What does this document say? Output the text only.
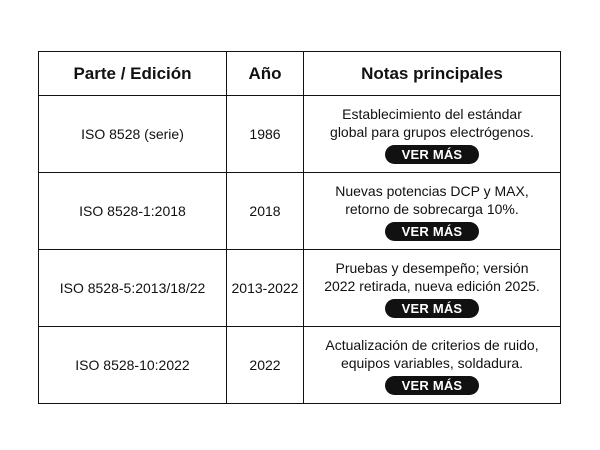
Parte / Edición	Año	Notas principales
ISO 8528 (serie)	1986	Establecimiento del estándar
global para grupos electrógenos.
VER MÁS
ISO 8528-1:2018	2018	Nuevas potencias DCP y MAX,
retorno de sobrecarga 10%.
VER MÁS
ISO 8528-5:2013/18/22	2013-2022	Pruebas y desempeño; versión
2022 retirada, nueva edición 2025.
VER MÁS
ISO 8528-10:2022	2022	Actualización de criterios de ruido,
equipos variables, soldadura.
VER MÁS
